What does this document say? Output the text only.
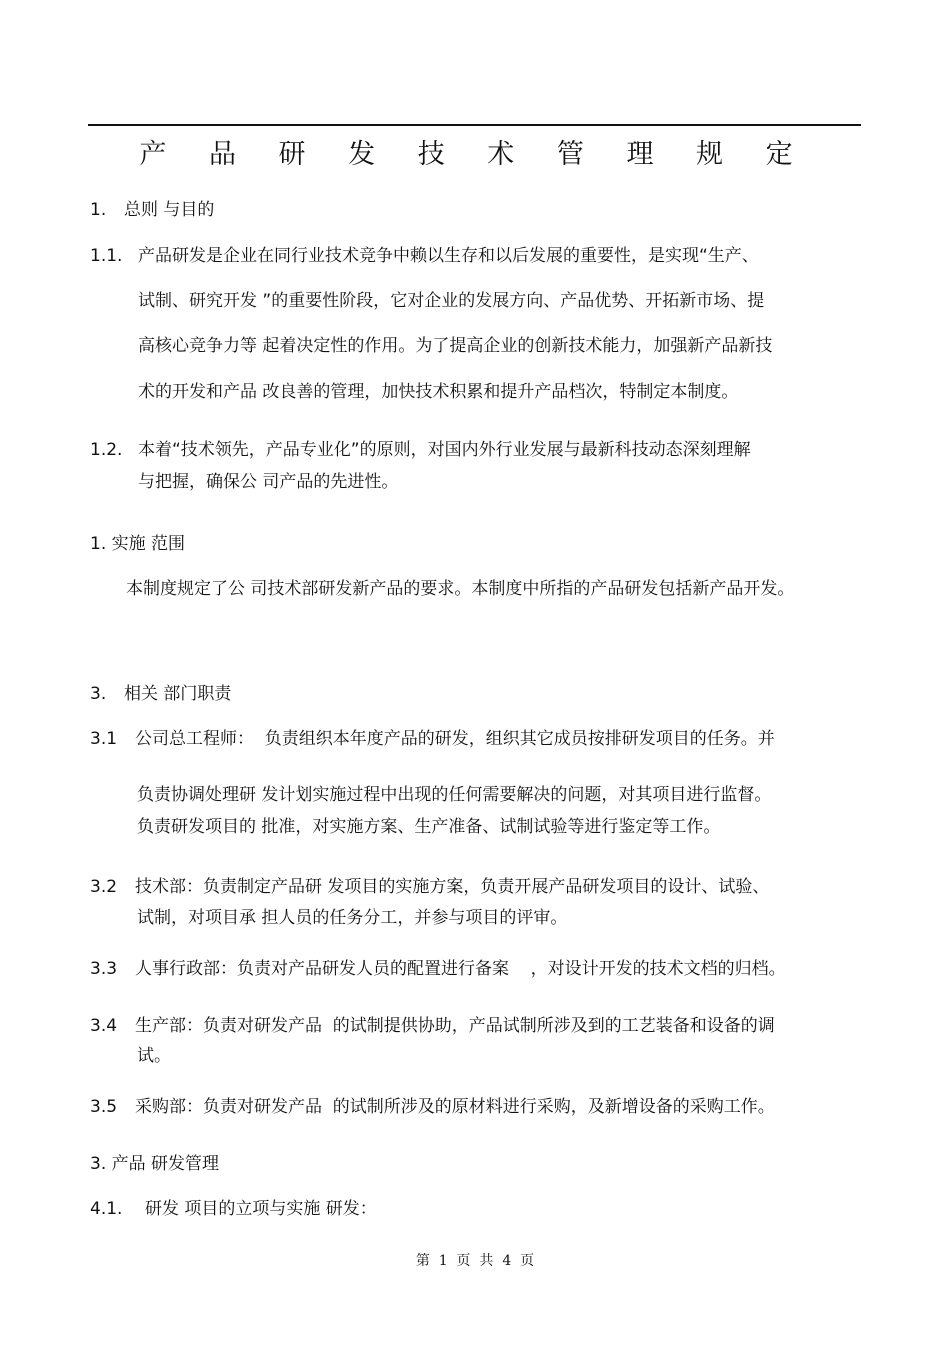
产 品 研 发 技 术 管 理 规 定
1. 总则 与目的
1.1. 产品研发是企业在同行业技术竞争中赖以生存和以后发展的重要性，是实现“生产、
试制、研究开发 ”的重要性阶段，它对企业的发展方向、产品优势、开拓新市场、提
高核心竞争力等 起着决定性的作用。为了提高企业的创新技术能力，加强新产品新技
术的开发和产品 改良善的管理，加快技术积累和提升产品档次，特制定本制度。
1.2. 本着“技术领先，产品专业化”的原则，对国内外行业发展与最新科技动态深刻理解
与把握，确保公 司产品的先进性。
1. 实施 范围
本制度规定了公 司技术部研发新产品的要求。本制度中所指的产品研发包括新产品开发。
3. 相关 部门职责
3.1 公司总工程师：  负责组织本年度产品的研发，组织其它成员按排研发项目的任务。并
负责协调处理研 发计划实施过程中出现的任何需要解决的问题，对其项目进行监督。
负责研发项目的 批准，对实施方案、生产准备、试制试验等进行鉴定等工作。
3.2 技术部：负责制定产品研 发项目的实施方案，负责开展产品研发项目的设计、试验、
试制，对项目承 担人员的任务分工，并参与项目的评审。
3.3 人事行政部：负责对产品研发人员的配置进行备案    ，对设计开发的技术文档的归档。
3.4 生产部：负责对研发产品  的试制提供协助，产品试制所涉及到的工艺装备和设备的调
试。
3.5 采购部：负责对研发产品  的试制所涉及的原材料进行采购，及新增设备的采购工作。
3. 产品 研发管理
4.1. 研发 项目的立项与实施 研发：
第  1  页  共  4  页
